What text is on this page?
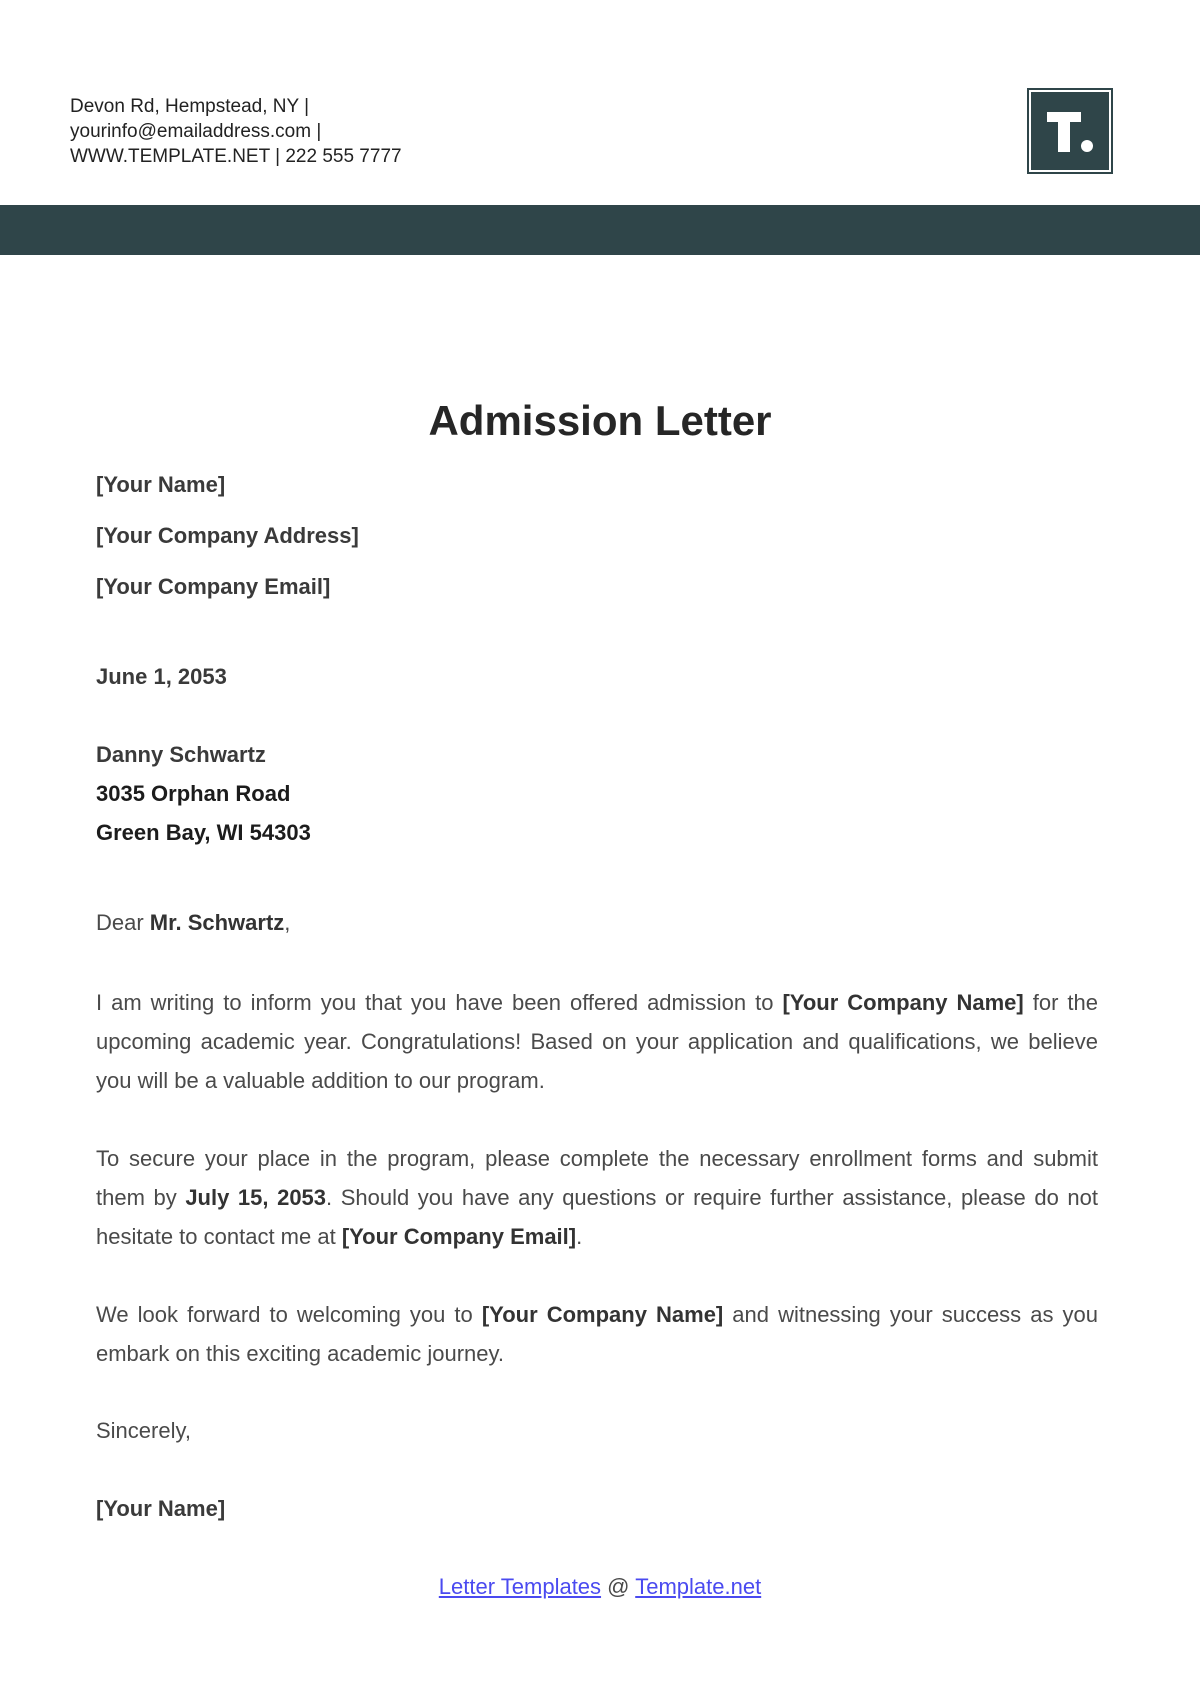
Devon Rd, Hempstead, NY |
yourinfo@emailaddress.com |
WWW.TEMPLATE.NET | 222 555 7777
Admission Letter
[Your Name]
[Your Company Address]
[Your Company Email]
June 1, 2053
Danny Schwartz
3035 Orphan Road
Green Bay, WI 54303
Dear Mr. Schwartz,
I am writing to inform you that you have been offered admission to [Your Company Name] for the upcoming academic year. Congratulations! Based on your application and qualifications, we believe you will be a valuable addition to our program.
To secure your place in the program, please complete the necessary enrollment forms and submit them by July 15, 2053. Should you have any questions or require further assistance, please do not hesitate to contact me at [Your Company Email].
We look forward to welcoming you to [Your Company Name] and witnessing your success as you embark on this exciting academic journey.
Sincerely,
[Your Name]
Letter Templates @ Template.net
